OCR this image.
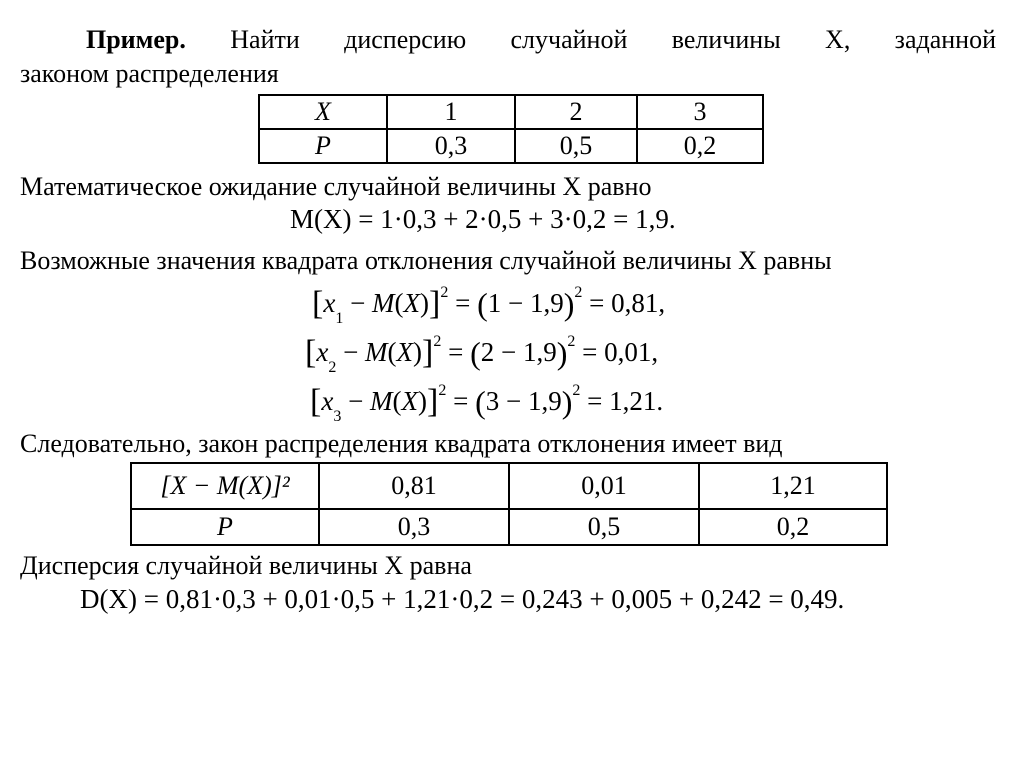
Пример. Найти дисперсию случайной величины X, заданной
законом распределения
X	1	2	3
P	0,3	0,5	0,2
Математическое ожидание случайной величины X равно
M(X) = 1·0,3 + 2·0,5 + 3·0,2 = 1,9.
Возможные значения квадрата отклонения случайной величины X равны
$[x1 - M(X)]^2 = (1 - 1,9)^2 = 0,81$,
$[x2 - M(X)]^2 = (2 - 1,9)^2 = 0,01$,
$[x3 - M(X)]^2 = (3 - 1,9)^2 = 1,21$.
Следовательно, закон распределения квадрата отклонения имеет вид
[X − M(X)]²	0,81	0,01	1,21
P	0,3	0,5	0,2
Дисперсия случайной величины X равна
D(X) = 0,81·0,3 + 0,01·0,5 + 1,21·0,2 = 0,243 + 0,005 + 0,242 = 0,49.
